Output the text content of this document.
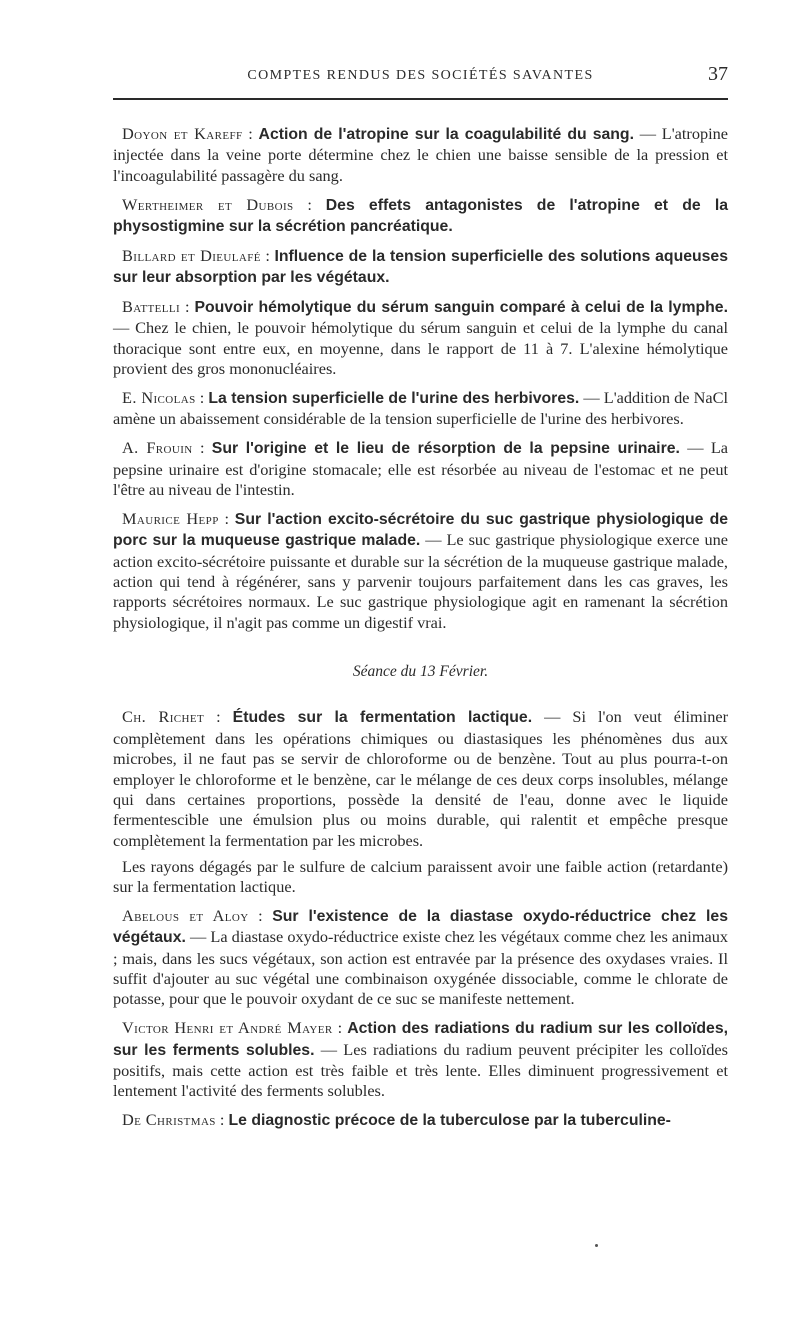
COMPTES RENDUS DES SOCIÉTÉS SAVANTES	37

Doyon et Kareff : Action de l'atropine sur la coagulabilité du sang. — L'atropine injectée dans la veine porte détermine chez le chien une baisse sensible de la pression et l'incoagulabilité passagère du sang.

Wertheimer et Dubois : Des effets antagonistes de l'atropine et de la physostigmine sur la sécrétion pancréatique.

Billard et Dieulafé : Influence de la tension superficielle des solutions aqueuses sur leur absorption par les végétaux.

Battelli : Pouvoir hémolytique du sérum sanguin comparé à celui de la lymphe. — Chez le chien, le pouvoir hémolytique du sérum sanguin et celui de la lymphe du canal thoracique sont entre eux, en moyenne, dans le rapport de 11 à 7. L'alexine hémolytique provient des gros mononucléaires.

E. Nicolas : La tension superficielle de l'urine des herbivores. — L'addition de NaCl amène un abaissement considérable de la tension superficielle de l'urine des herbivores.

A. Frouin : Sur l'origine et le lieu de résorption de la pepsine urinaire. — La pepsine urinaire est d'origine stomacale; elle est résorbée au niveau de l'estomac et ne peut l'être au niveau de l'intestin.

Maurice Hepp : Sur l'action excito-sécrétoire du suc gastrique physiologique de porc sur la muqueuse gastrique malade. — Le suc gastrique physiologique exerce une action excito-sécrétoire puissante et durable sur la sécrétion de la muqueuse gastrique malade, action qui tend à régénérer, sans y parvenir toujours parfaitement dans les cas graves, les rapports sécrétoires normaux. Le suc gastrique physiologique agit en ramenant la sécrétion physiologique, il n'agit pas comme un digestif vrai.

Séance du 13 Février.

Ch. Richet : Études sur la fermentation lactique. — Si l'on veut éliminer complètement dans les opérations chimiques ou diastasiques les phénomènes dus aux microbes, il ne faut pas se servir de chloroforme ou de benzène. Tout au plus pourra-t-on employer le chloroforme et le benzène, car le mélange de ces deux corps insolubles, mélange qui dans certaines proportions, possède la densité de l'eau, donne avec le liquide fermentescible une émulsion plus ou moins durable, qui ralentit et empêche presque complètement la fermentation par les microbes.

Les rayons dégagés par le sulfure de calcium paraissent avoir une faible action (retardante) sur la fermentation lactique.

Abelous et Aloy : Sur l'existence de la diastase oxydo-réductrice chez les végétaux. — La diastase oxydo-réductrice existe chez les végétaux comme chez les animaux ; mais, dans les sucs végétaux, son action est entravée par la présence des oxydases vraies. Il suffit d'ajouter au suc végétal une combinaison oxygénée dissociable, comme le chlorate de potasse, pour que le pouvoir oxydant de ce suc se manifeste nettement.

Victor Henri et André Mayer : Action des radiations du radium sur les colloïdes, sur les ferments solubles. — Les radiations du radium peuvent précipiter les colloïdes positifs, mais cette action est très faible et très lente. Elles diminuent progressivement et lentement l'activité des ferments solubles.

De Christmas : Le diagnostic précoce de la tuberculose par la tuberculine-
